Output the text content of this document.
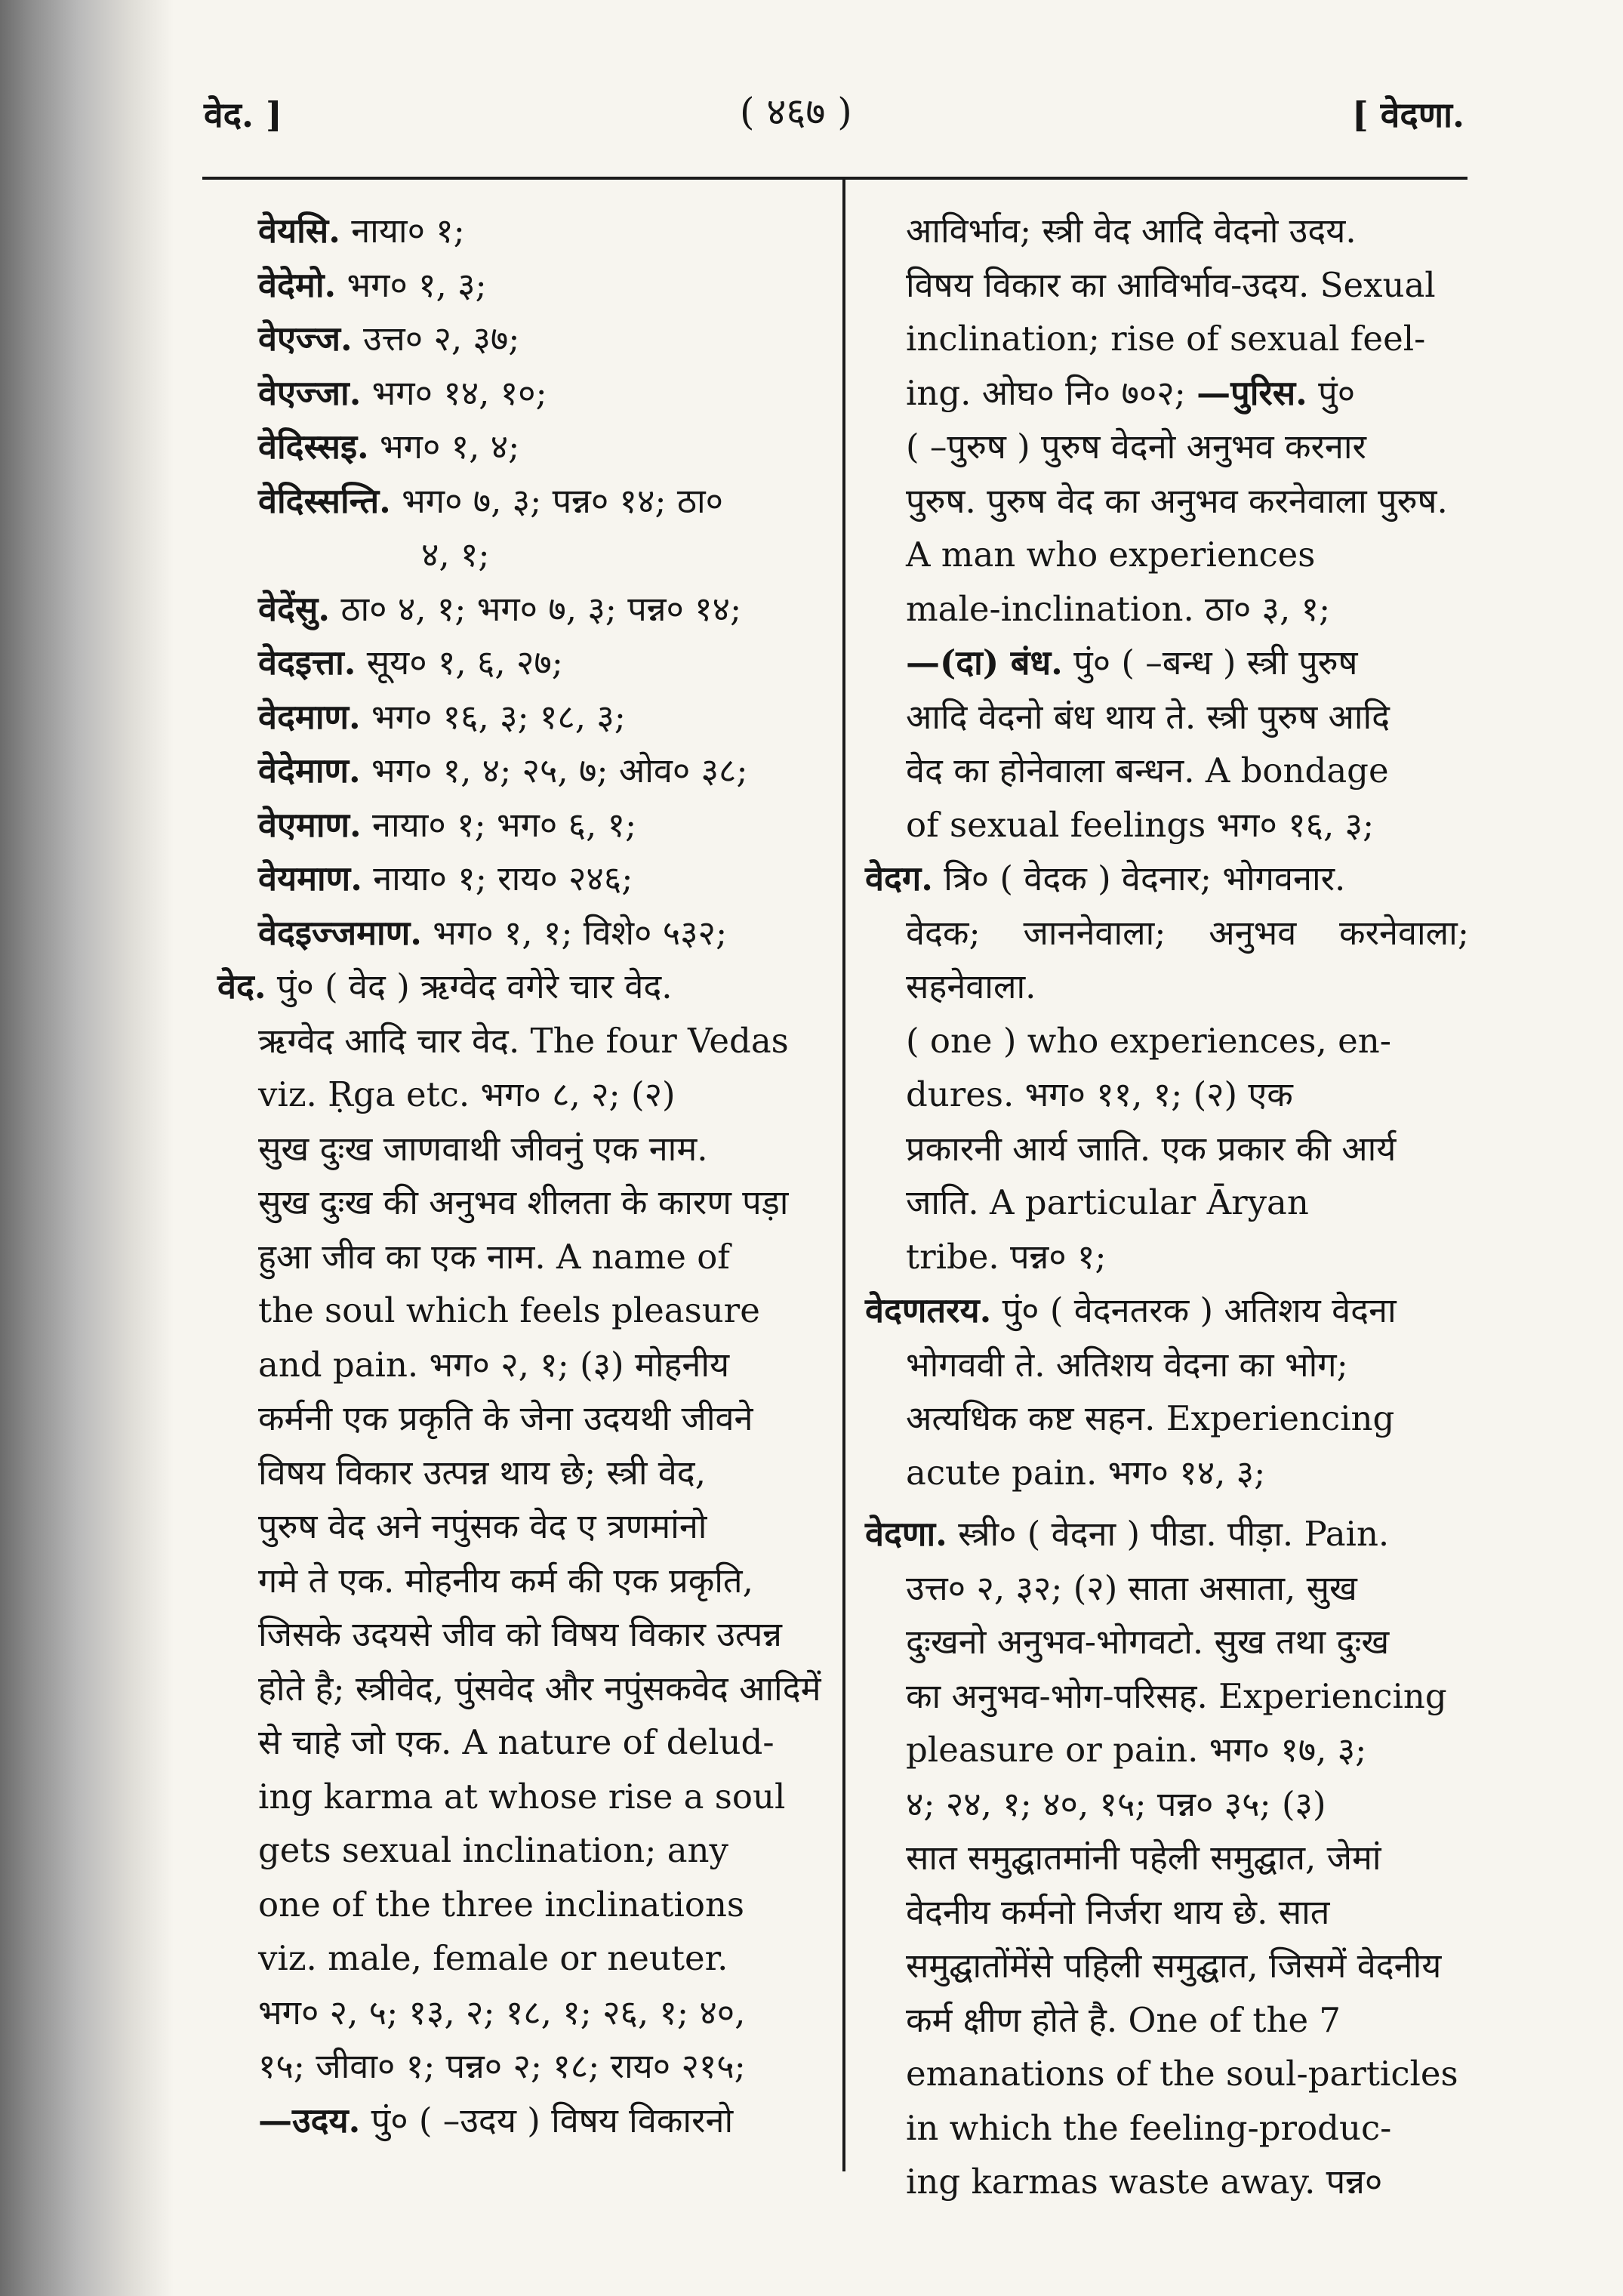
वेद. ]	( ४६७ )	[ वेदणा.
वेयसि. नाया० १;
वेदेमो. भग० १, ३;
वेएज्ज. उत्त० २, ३७;
वेएज्जा. भग० १४, १०;
वेदिस्सइ. भग० १, ४;
वेदिस्सन्ति. भग० ७, ३; पन्न० १४; ठा०
४, १;
वेदेंसु. ठा० ४, १; भग० ७, ३; पन्न० १४;
वेदइत्ता. सूय० १, ६, २७;
वेदमाण. भग० १६, ३; १८, ३;
वेदेमाण. भग० १, ४; २५, ७; ओव० ३८;
वेएमाण. नाया० १; भग० ६, १;
वेयमाण. नाया० १; राय० २४६;
वेदइज्जमाण. भग० १, १; विशे० ५३२;
वेद. पुं० ( वेद ) ऋग्वेद वगेरे चार वेद.
ऋग्वेद आदि चार वेद. The four Vedas
viz. Ṛga etc. भग० ८, २; (२)
सुख दुःख जाणवाथी जीवनुं एक नाम.
सुख दुःख की अनुभव शीलता के कारण पड़ा
हुआ जीव का एक नाम. A name of
the soul which feels pleasure
and pain. भग० २, १; (३) मोहनीय
कर्मनी एक प्रकृति के जेना उदयथी जीवने
विषय विकार उत्पन्न थाय छे; स्त्री वेद,
पुरुष वेद अने नपुंसक वेद ए त्रणमांनो
गमे ते एक. मोहनीय कर्म की एक प्रकृति,
जिसके उदयसे जीव को विषय विकार उत्पन्न
होते है; स्त्रीवेद, पुंसवेद और नपुंसकवेद आदिमें
से चाहे जो एक. A nature of delud-
ing karma at whose rise a soul
gets sexual inclination; any
one of the three inclinations
viz. male, female or neuter.
भग० २, ५; १३, २; १८, १; २६, १; ४०,
१५; जीवा० १; पन्न० २; १८; राय० २१५;
—उदय. पुं० ( –उदय ) विषय विकारनो
आविर्भाव; स्त्री वेद आदि वेदनो उदय.
विषय विकार का आविर्भाव-उदय. Sexual
inclination; rise of sexual feel-
ing. ओघ० नि० ७०२; —पुरिस. पुं०
( –पुरुष ) पुरुष वेदनो अनुभव करनार
पुरुष. पुरुष वेद का अनुभव करनेवाला पुरुष.
A man who experiences
male-inclination. ठा० ३, १;
—(दा) बंध. पुं० ( –बन्ध ) स्त्री पुरुष
आदि वेदनो बंध थाय ते. स्त्री पुरुष आदि
वेद का होनेवाला बन्धन. A bondage
of sexual feelings भग० १६, ३;
वेदग. त्रि० ( वेदक ) वेदनार; भोगवनार.
वेदक; जाननेवाला; अनुभव करनेवाला; सहनेवाला.
( one ) who experiences, en-
dures. भग० ११, १; (२) एक
प्रकारनी आर्य जाति. एक प्रकार की आर्य
जाति. A particular Āryan
tribe. पन्न० १;
वेदणतरय. पुं० ( वेदनतरक ) अतिशय वेदना
भोगववी ते. अतिशय वेदना का भोग;
अत्यधिक कष्ट सहन. Experiencing
acute pain. भग० १४, ३;
वेदणा. स्त्री० ( वेदना ) पीडा. पीड़ा. Pain.
उत्त० २, ३२; (२) साता असाता, सुख
दुःखनो अनुभव-भोगवटो. सुख तथा दुःख
का अनुभव-भोग-परिसह. Experiencing
pleasure or pain. भग० १७, ३;
४; २४, १; ४०, १५; पन्न० ३५; (३)
सात समुद्घातमांनी पहेली समुद्घात, जेमां
वेदनीय कर्मनो निर्जरा थाय छे. सात
समुद्घातोंमेंसे पहिली समुद्घात, जिसमें वेदनीय
कर्म क्षीण होते है. One of the 7
emanations of the soul-particles
in which the feeling-produc-
ing karmas waste away. पन्न०
